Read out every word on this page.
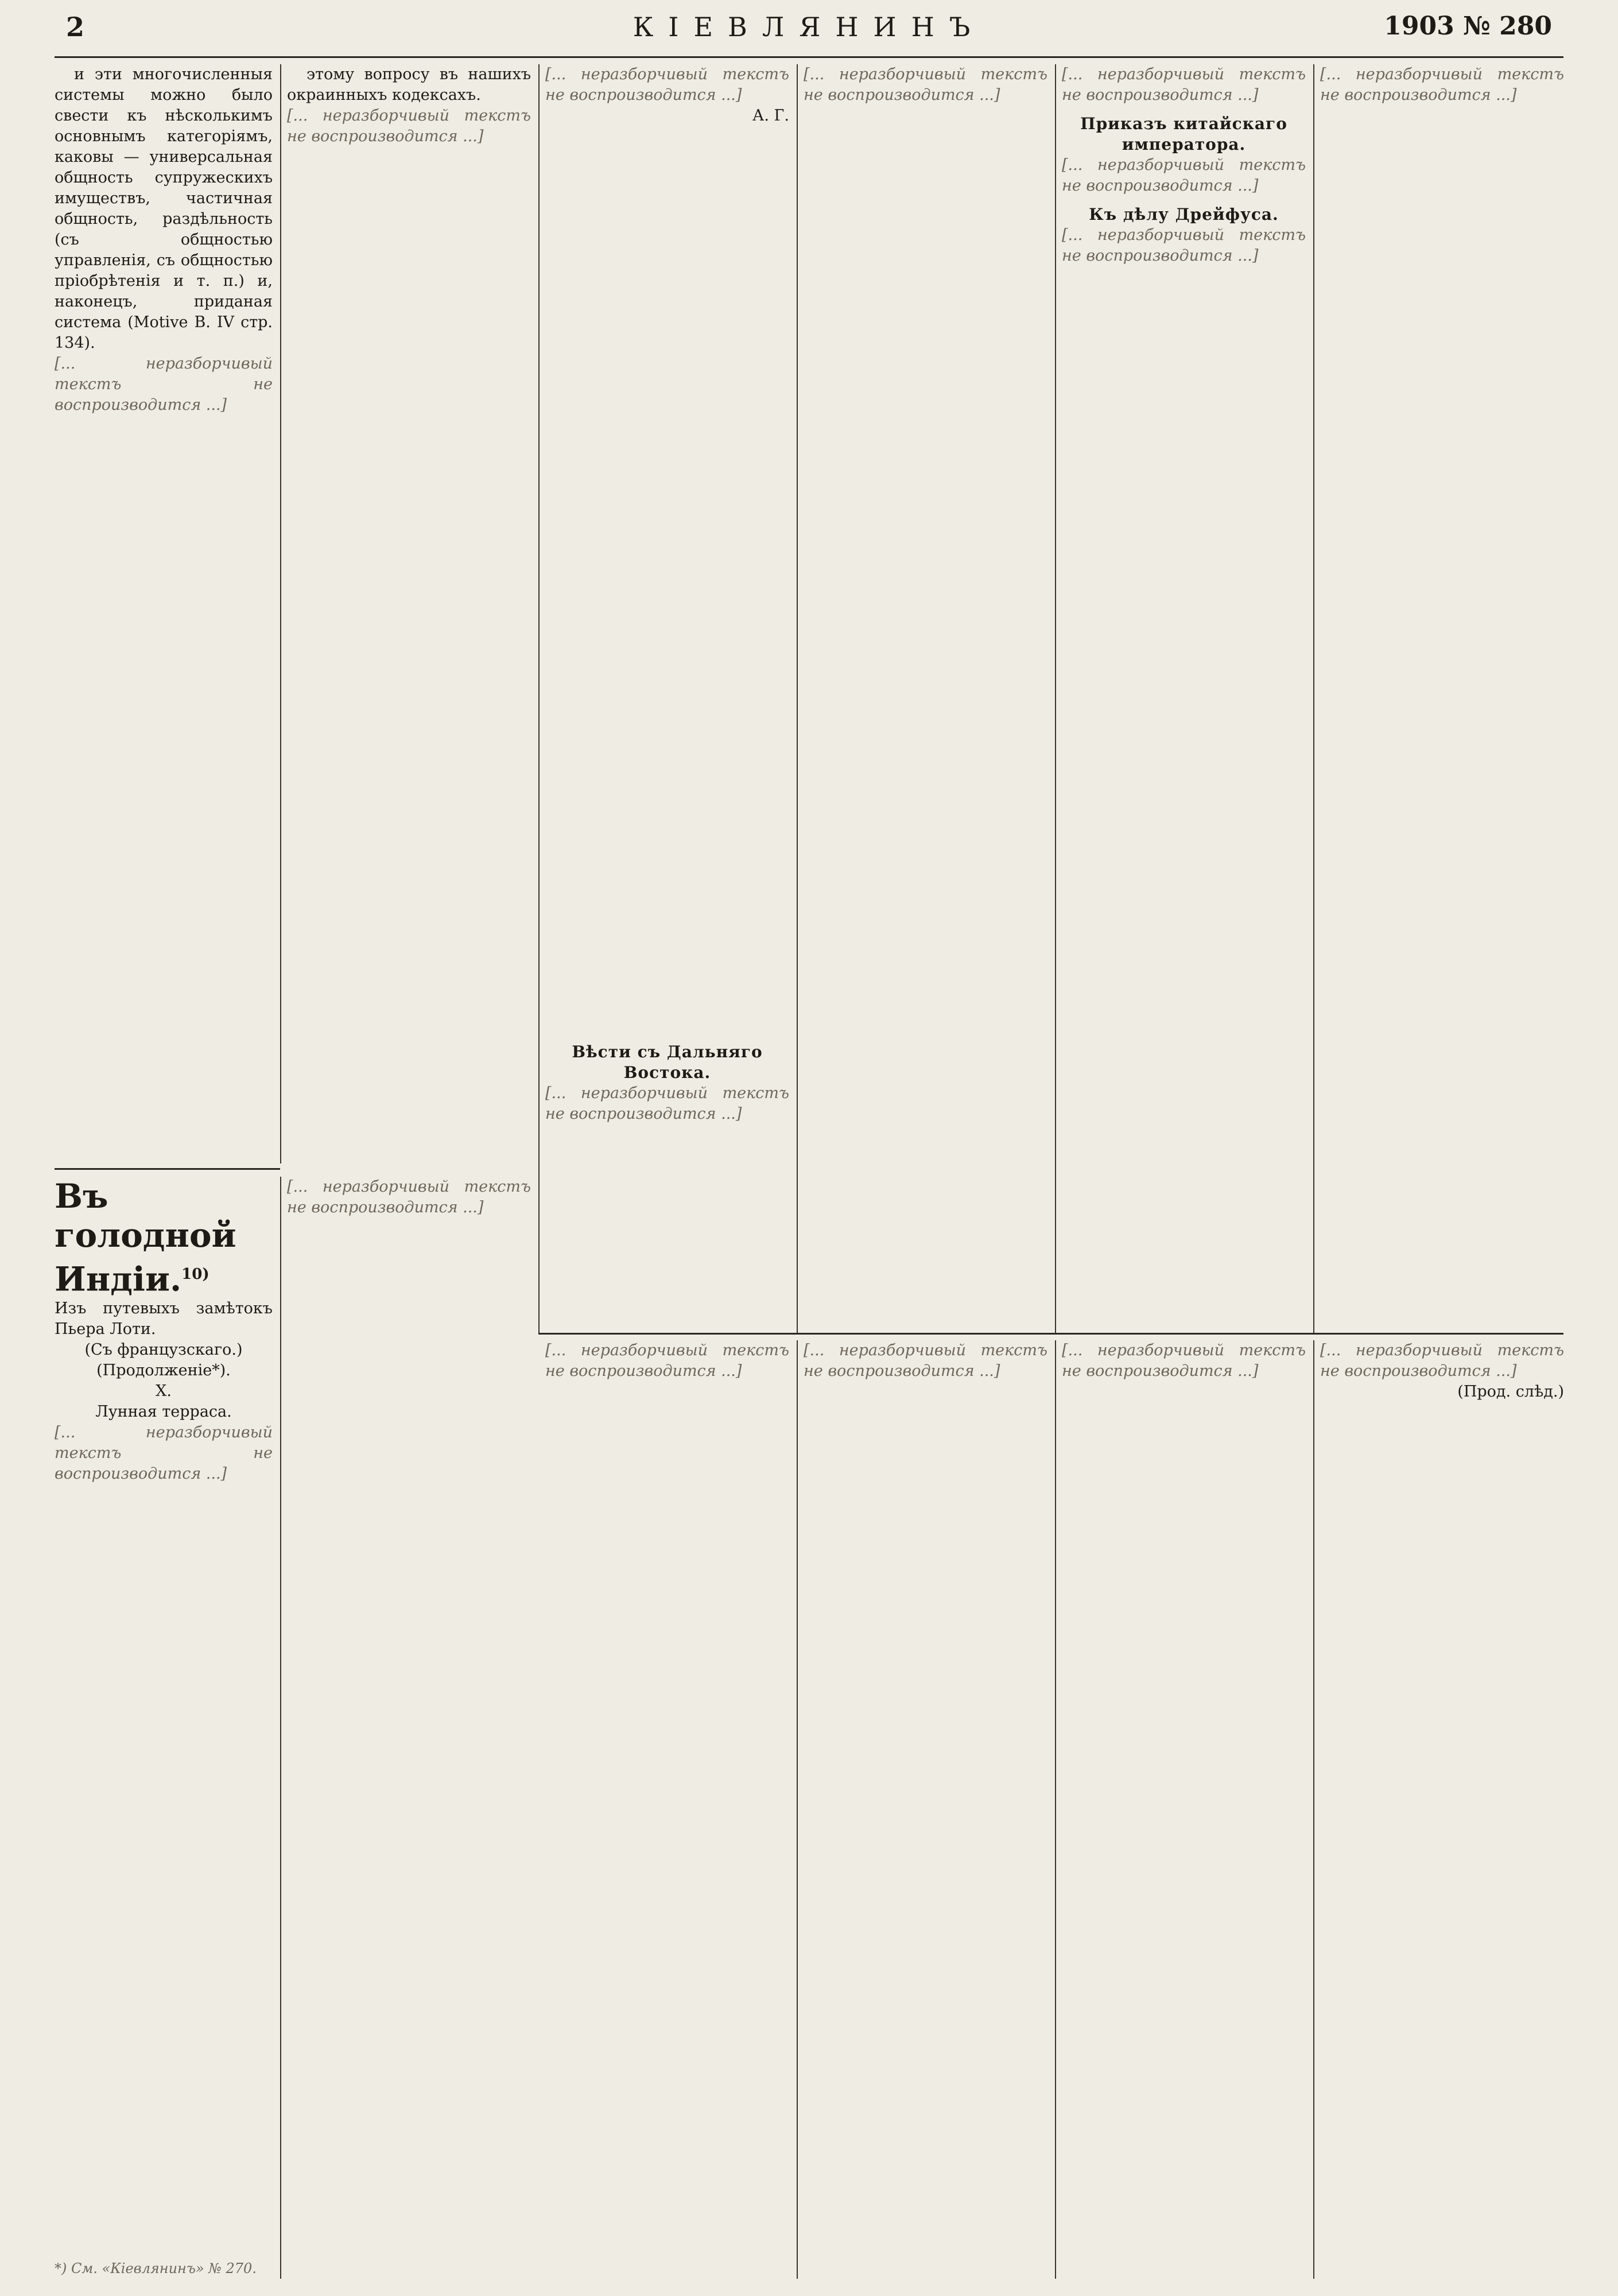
2	КІЕВЛЯНИНЪ	1903 № 280

и эти многочисленныя системы можно было свести къ нѣсколькимъ основнымъ категоріямъ, каковы — универсальная общность супружескихъ имуществъ, частичная общность, раздѣльность (съ общностью управленія, съ общностью пріобрѣтенія и т. п.) и, наконецъ, приданая система (Motive B. IV стр. 134).

[... неразборчивый текстъ не воспроизводится ...]

этому вопросу въ нашихъ окраинныхъ кодексахъ.

[... неразборчивый текстъ не воспроизводится ...]

[... неразборчивый текстъ не воспроизводится ...]

А. Г.

Вѣсти съ Дальняго Востока.

[... неразборчивый текстъ не воспроизводится ...]

[... неразборчивый текстъ не воспроизводится ...]

[... неразборчивый текстъ не воспроизводится ...]

Приказъ китайскаго императора.

[... неразборчивый текстъ не воспроизводится ...]

Къ дѣлу Дрейфуса.

[... неразборчивый текстъ не воспроизводится ...]

[... неразборчивый текстъ не воспроизводится ...]

Въ голодной Индіи.$^{10)}$

Изъ путевыхъ замѣтокъ Пьера Лоти.

(Съ французскаго.)

(Продолженіе*).

X.

Лунная терраса.

[... неразборчивый текстъ не воспроизводится ...]

*) См. «Кіевлянинъ» № 270.

[... неразборчивый текстъ не воспроизводится ...]

[... неразборчивый текстъ не воспроизводится ...]

[... неразборчивый текстъ не воспроизводится ...]

[... неразборчивый текстъ не воспроизводится ...]

[... неразборчивый текстъ не воспроизводится ...]

(Прод. слѣд.)
